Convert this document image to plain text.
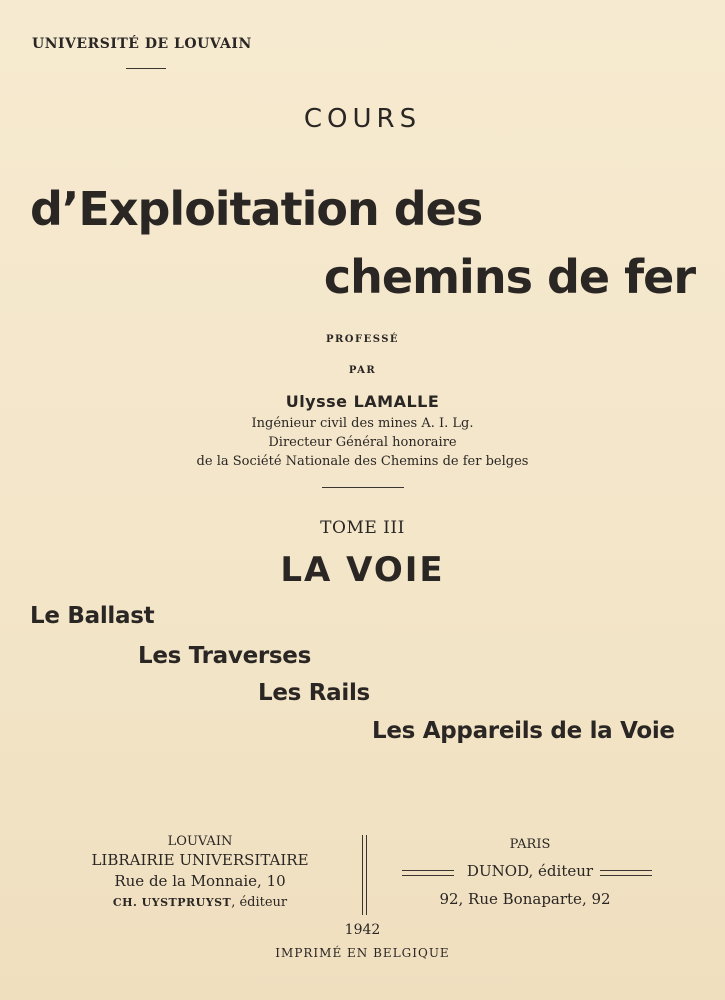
UNIVERSITÉ DE LOUVAIN
COURS
d’Exploitation des
chemins de fer
PROFESSÉ
PAR
Ulysse LAMALLE
Ingénieur civil des mines A. I. Lg.
Directeur Général honoraire
de la Société Nationale des Chemins de fer belges
TOME III
LA VOIE
Le Ballast
Les Traverses
Les Rails
Les Appareils de la Voie
LOUVAIN
LIBRAIRIE UNIVERSITAIRE
Rue de la Monnaie, 10
CH. UYSTPRUYST, éditeur
PARIS
DUNOD, éditeur
92, Rue Bonaparte, 92
1942
IMPRIMÉ EN BELGIQUE
